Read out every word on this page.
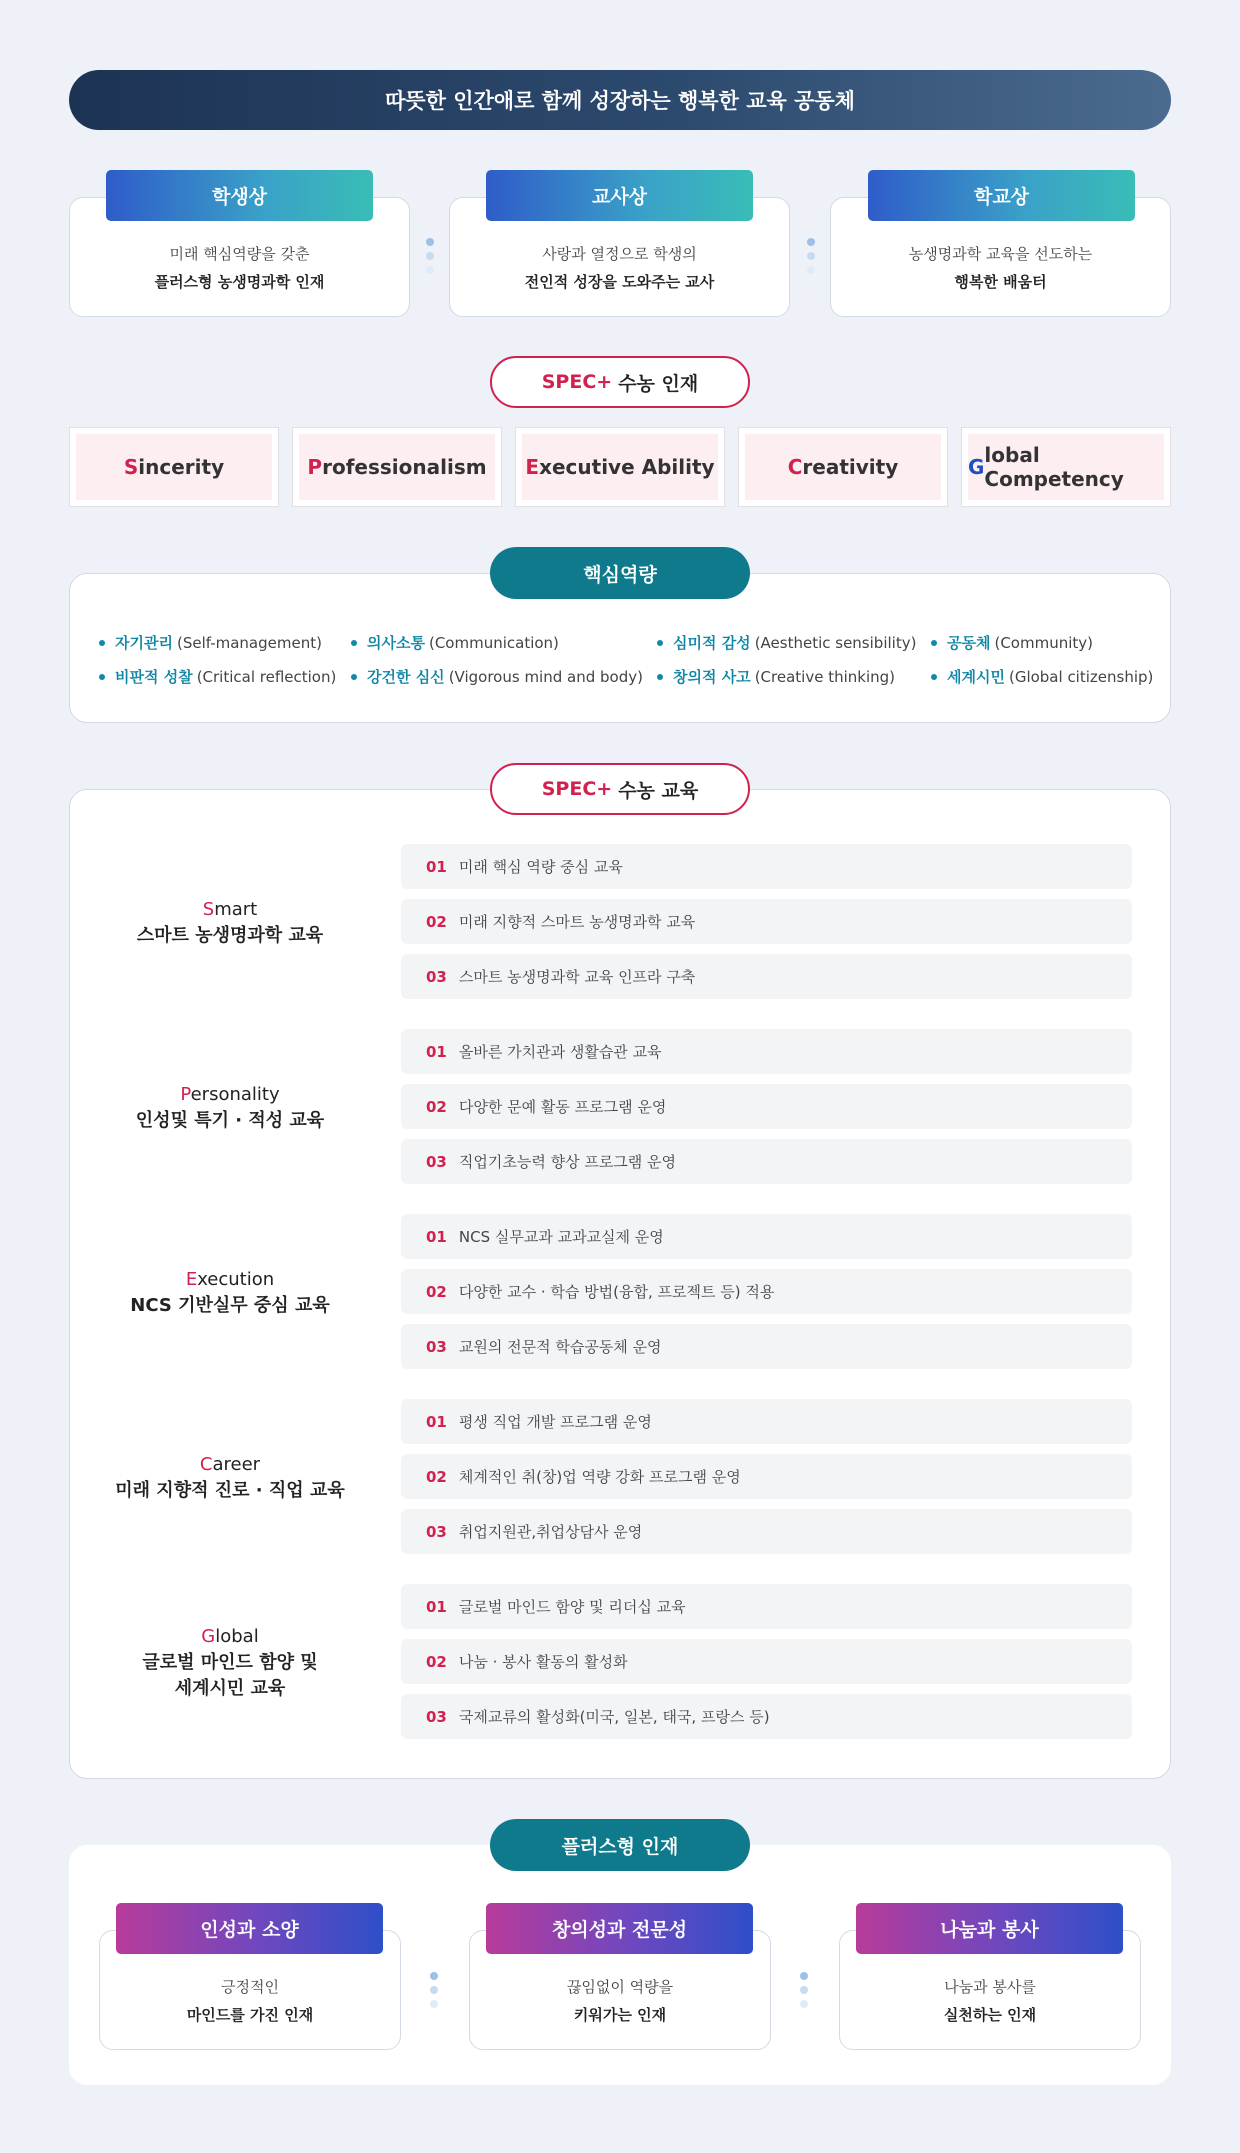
따뜻한 인간애로 함께 성장하는 행복한 교육 공동체
학생상
미래 핵심역량을 갖춘
플러스형 농생명과학 인재
교사상
사랑과 열정으로 학생의
전인적 성장을 도와주는 교사
학교상
농생명과학 교육을 선도하는
행복한 배움터
SPEC+ 수농 인재
S incerity	P rofessionalism E xecutive Ability	C reativity	G lobal Competency
핵심역량
자기관리 (Self-management)	의사소통 (Communication)	심미적 감성 (Aesthetic sensibility) 공동체 (Community)
비판적 성찰 (Critical reflection) 강건한 심신 (Vigorous mind and body) 창의적 사고 (Creative thinking)	세계시민 (Global citizenship)
SPEC+ 수농 교육
Smart
스마트 농생명과학 교육
01 미래 핵심 역량 중심 교육
02 미래 지향적 스마트 농생명과학 교육
03 스마트 농생명과학 교육 인프라 구축
Personality
인성및 특기 · 적성 교육
01 올바른 가치관과 생활습관 교육
02 다양한 문예 활동 프로그램 운영
03 직업기초능력 향상 프로그램 운영
Execution
NCS 기반실무 중심 교육
01 NCS 실무교과 교과교실제 운영
02 다양한 교수 · 학습 방법(융합, 프로젝트 등) 적용
03 교원의 전문적 학습공동체 운영
Career
미래 지향적 진로 · 직업 교육
01 평생 직업 개발 프로그램 운영
02 체계적인 취(창)업 역량 강화 프로그램 운영
03 취업지원관,취업상담사 운영
Global
글로벌 마인드 함양 및
세계시민 교육
01 글로벌 마인드 함양 및 리더십 교육
02 나눔 · 봉사 활동의 활성화
03 국제교류의 활성화(미국, 일본, 태국, 프랑스 등)
플러스형 인재
인성과 소양
긍정적인
마인드를 가진 인재
창의성과 전문성
끊임없이 역량을
키워가는 인재
나눔과 봉사
나눔과 봉사를
실천하는 인재
